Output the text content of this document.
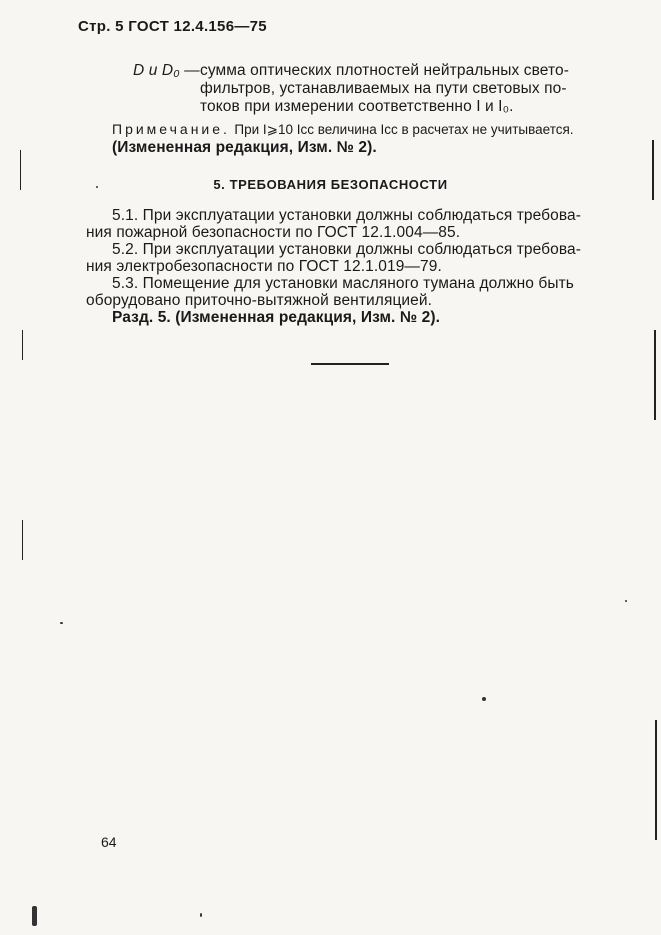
Стр. 5 ГОСТ 12.4.156—75
D и D₀ — сумма оптических плотностей нейтральных свето-
фильтров, устанавливаемых на пути световых по-
токов при измерении соответственно I и I₀.
Примечание. При I⩾10 Iсс величина Iсс в расчетах не учитывается.
(Измененная редакция, Изм. № 2).
5. ТРЕБОВАНИЯ БЕЗОПАСНОСТИ
5.1. При эксплуатации установки должны соблюдаться требова-
ния пожарной безопасности по ГОСТ 12.1.004—85.
5.2. При эксплуатации установки должны соблюдаться требова-
ния электробезопасности по ГОСТ 12.1.019—79.
5.3. Помещение для установки масляного тумана должно быть
оборудовано приточно-вытяжной вентиляцией.
Разд. 5. (Измененная редакция, Изм. № 2).
64
